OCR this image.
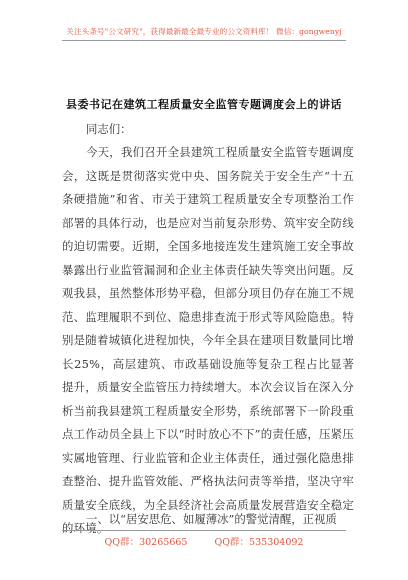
关注头条号"公文研究"，获得最新最全最专业的公文资料库！ 微信：gongwenyj
县委书记在建筑工程质量安全监管专题调度会上的讲话
同志们：
今天，我们召开全县建筑工程质量安全监管专题调度会，这既是贯彻落实党中央、国务院关于安全生产“十五条硬措施”和省、市关于建筑工程质量安全专项整治工作部署的具体行动，也是应对当前复杂形势、筑牢安全防线的迫切需要。近期，全国多地接连发生建筑施工安全事故暴露出行业监管漏洞和企业主体责任缺失等突出问题。反观我县，虽然整体形势平稳，但部分项目仍存在施工不规范、监理履职不到位、隐患排查流于形式等风险隐患。特别是随着城镇化进程加快，今年全县在建项目数量同比增长25%，高层建筑、市政基础设施等复杂工程占比显著提升，质量安全监管压力持续增大。本次会议旨在深入分析当前我县建筑工程质量安全形势，系统部署下一阶段重点工作动员全县上下以“时时放心不下”的责任感，压紧压实属地管理、行业监管和企业主体责任，通过强化隐患排查整治、提升监管效能、严格执法问责等举措，坚决守牢质量安全底线，为全县经济社会高质量发展营造安全稳定的环境。
一、以“居安思危、如履薄冰”的警觉清醒，正视质
QQ群：30265665	QQ群：535304092
